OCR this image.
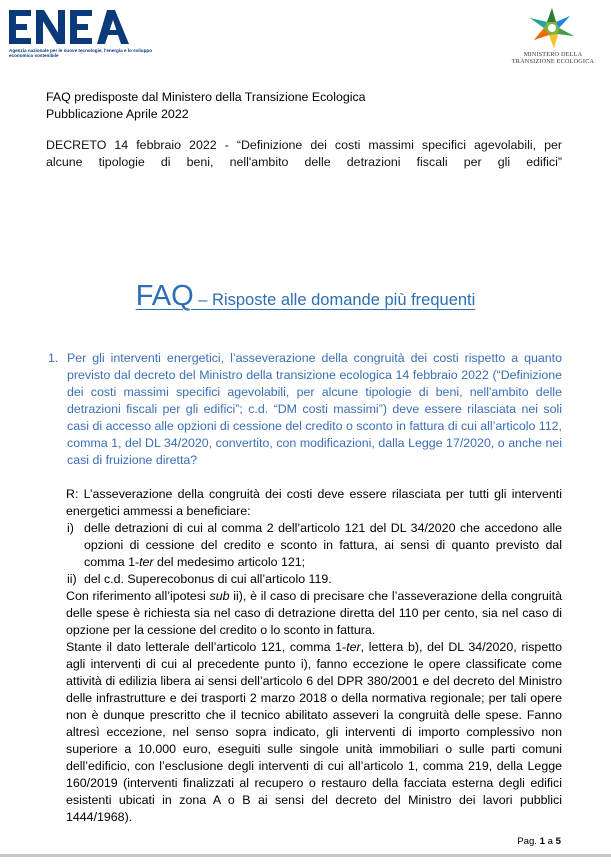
Agenzia nazionale per le nuove tecnologie, l'energia e lo sviluppo economico sostenibile	MINISTERO DELLA
TRANSIZIONE ECOLOGICA
FAQ predisposte dal Ministero della Transizione Ecologica
Pubblicazione Aprile 2022
DECRETO 14 febbraio 2022 - “Definizione dei costi massimi specifici agevolabili, per
alcune tipologie di beni, nell'ambito delle detrazioni fiscali per gli edifici”
FAQ – Risposte alle domande più frequenti
1. Per gli interventi energetici, l’asseverazione della congruità dei costi rispetto a quanto previsto dal decreto del Ministro della transizione ecologica 14 febbraio 2022 (“Definizione dei costi massimi specifici agevolabili, per alcune tipologie di beni, nell'ambito delle detrazioni fiscali per gli edifici”; c.d. “DM costi massimi”) deve essere rilasciata nei soli casi di accesso alle opzioni di cessione del credito o sconto in fattura di cui all’articolo 112, comma 1, del DL 34/2020, convertito, con modificazioni, dalla Legge 17/2020, o anche nei casi di fruizione diretta?

R: L’asseverazione della congruità dei costi deve essere rilasciata per tutti gli interventi energetici ammessi a beneficiare:

i) delle detrazioni di cui al comma 2 dell’articolo 121 del DL 34/2020 che accedono alle opzioni di cessione del credito e sconto in fattura, ai sensi di quanto previsto dal comma 1-ter del medesimo articolo 121;
ii) del c.d. Superecobonus di cui all’articolo 119.

Con riferimento all’ipotesi sub ii), è il caso di precisare che l’asseverazione della congruità delle spese è richiesta sia nel caso di detrazione diretta del 110 per cento, sia nel caso di opzione per la cessione del credito o lo sconto in fattura.

Stante il dato letterale dell’articolo 121, comma 1-ter, lettera b), del DL 34/2020, rispetto agli interventi di cui al precedente punto i), fanno eccezione le opere classificate come attività di edilizia libera ai sensi dell’articolo 6 del DPR 380/2001 e del decreto del Ministro delle infrastrutture e dei trasporti 2 marzo 2018 o della normativa regionale; per tali opere non è dunque prescritto che il tecnico abilitato asseveri la congruità delle spese. Fanno altresì eccezione, nel senso sopra indicato, gli interventi di importo complessivo non superiore a 10.000 euro, eseguiti sulle singole unità immobiliari o sulle parti comuni dell’edificio, con l’esclusione degli interventi di cui all’articolo 1, comma 219, della Legge 160/2019 (interventi finalizzati al recupero o restauro della facciata esterna degli edifici esistenti ubicati in zona A o B ai sensi del decreto del Ministro dei lavori pubblici 1444/1968).

Pag. 1 a 5
